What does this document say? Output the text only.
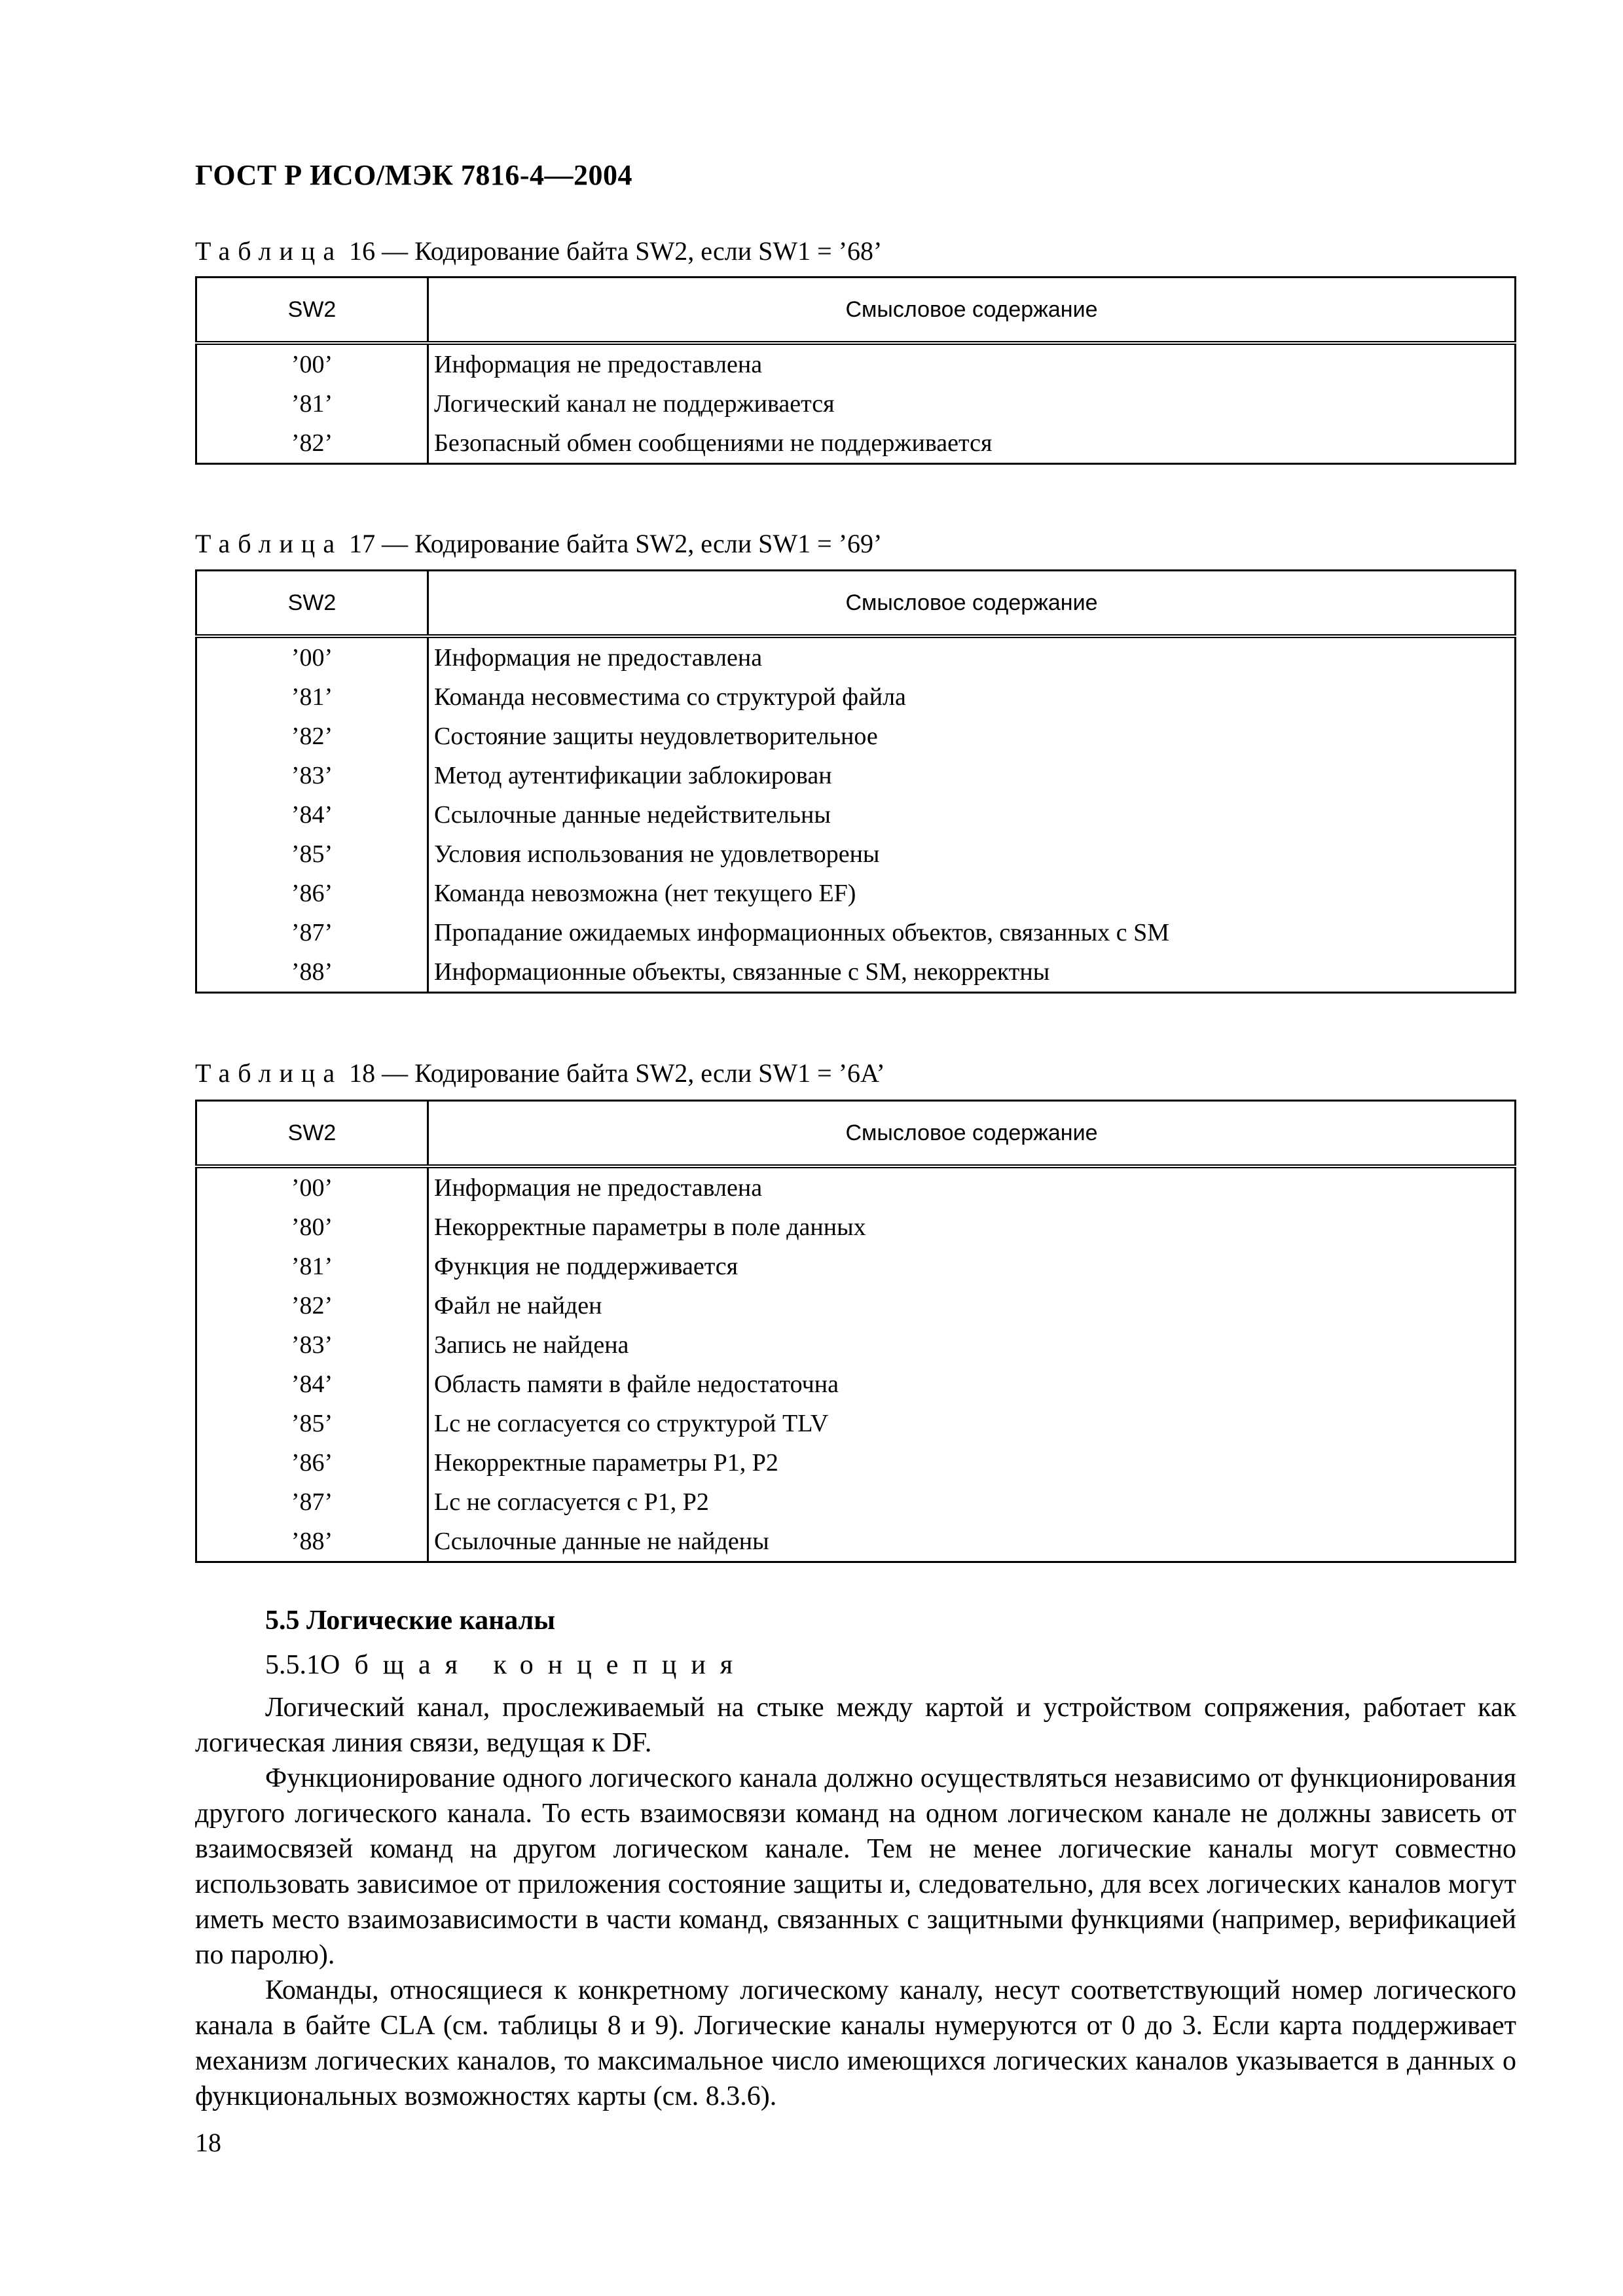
ГОСТ Р ИСО/МЭК 7816-4—2004
Таблица 16 — Кодирование байта SW2, если SW1 = ’68’
SW2	Смысловое содержание
’00’	Информация не предоставлена
’81’	Логический канал не поддерживается
’82’	Безопасный обмен сообщениями не поддерживается
Таблица 17 — Кодирование байта SW2, если SW1 = ’69’
SW2	Смысловое содержание
’00’	Информация не предоставлена
’81’	Команда несовместима со структурой файла
’82’	Состояние защиты неудовлетворительное
’83’	Метод аутентификации заблокирован
’84’	Ссылочные данные недействительны
’85’	Условия использования не удовлетворены
’86’	Команда невозможна (нет текущего EF)
’87’	Пропадание ожидаемых информационных объектов, связанных с SM
’88’	Информационные объекты, связанные с SM, некорректны
Таблица 18 — Кодирование байта SW2, если SW1 = ’6A’
SW2	Смысловое содержание
’00’	Информация не предоставлена
’80’	Некорректные параметры в поле данных
’81’	Функция не поддерживается
’82’	Файл не найден
’83’	Запись не найдена
’84’	Область памяти в файле недостаточна
’85’	Lc не согласуется со структурой TLV
’86’	Некорректные параметры P1, P2
’87’	Lc не согласуется с P1, P2
’88’	Ссылочные данные не найдены
5.5 Логические каналы
5.5.1Общая концепция

Логический канал, прослеживаемый на стыке между картой и устройством сопряжения, работает как логическая линия связи, ведущая к DF.

Функционирование одного логического канала должно осуществляться независимо от функционирования другого логического канала. То есть взаимосвязи команд на одном логическом канале не должны зависеть от взаимосвязей команд на другом логическом канале. Тем не менее логические каналы могут совместно использовать зависимое от приложения состояние защиты и, следовательно, для всех логических каналов могут иметь место взаимозависимости в части команд, связанных с защитными функциями (например, верификацией по паролю).

Команды, относящиеся к конкретному логическому каналу, несут соответствующий номер логического канала в байте CLA (см. таблицы 8 и 9). Логические каналы нумеруются от 0 до 3. Если карта поддерживает механизм логических каналов, то максимальное число имеющихся логических каналов указывается в данных о функциональных возможностях карты (см. 8.3.6).

18
